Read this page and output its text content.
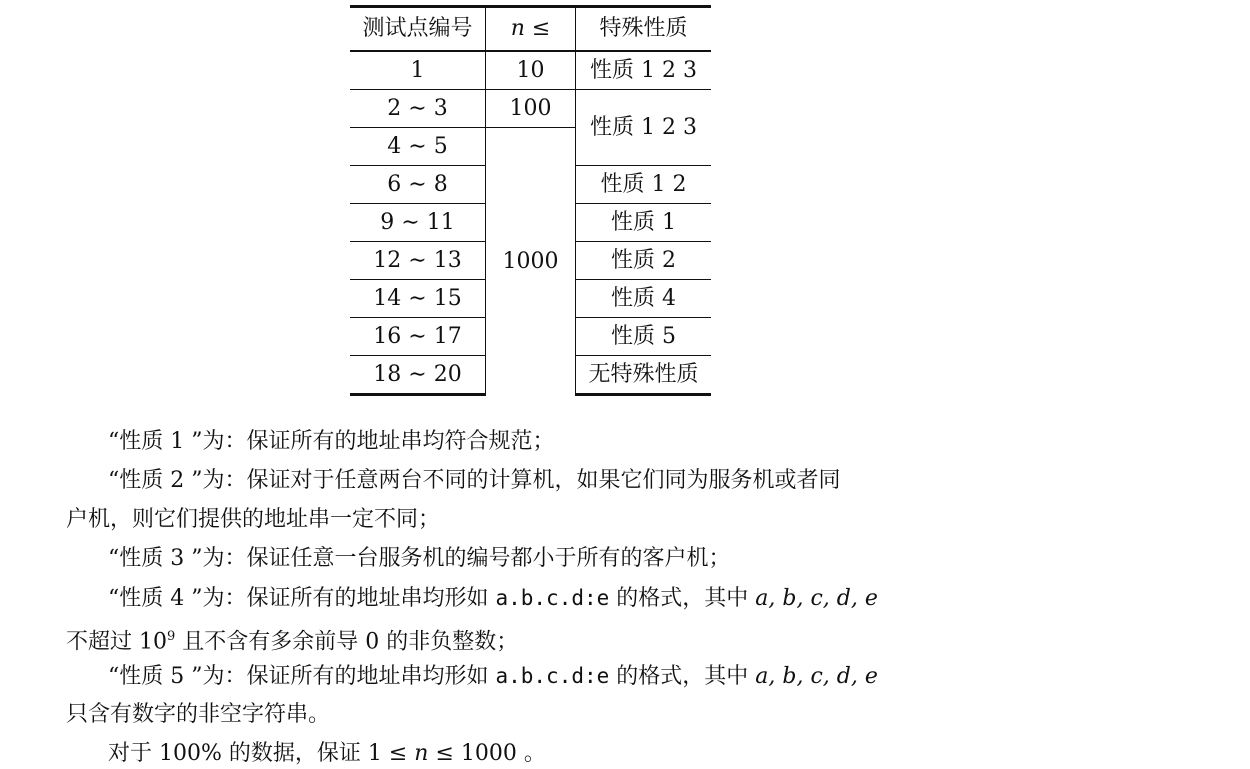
测试点编号	n ≤	特殊性质
1	10	性质 1 2 3
2 ∼ 3	100	性质 1 2 3
4 ∼ 5	1000	
6 ∼ 8		性质 1 2
9 ∼ 11		性质 1
12 ∼ 13		性质 2
14 ∼ 15		性质 4
16 ∼ 17		性质 5
18 ∼ 20		无特殊性质
“性质 1 ”为：保证所有的地址串均符合规范；
“性质 2 ”为：保证对于任意两台不同的计算机，如果它们同为服务机或者同
户机，则它们提供的地址串一定不同；
“性质 3 ”为：保证任意一台服务机的编号都小于所有的客户机；
“性质 4 ”为：保证所有的地址串均形如 a.b.c.d:e 的格式，其中 a, b, c, d, e
不超过 $10^9$ 且不含有多余前导 0 的非负整数；
“性质 5 ”为：保证所有的地址串均形如 a.b.c.d:e 的格式，其中 a, b, c, d, e
只含有数字的非空字符串。
对于 100% 的数据，保证 1 ≤ n ≤ 1000 。
